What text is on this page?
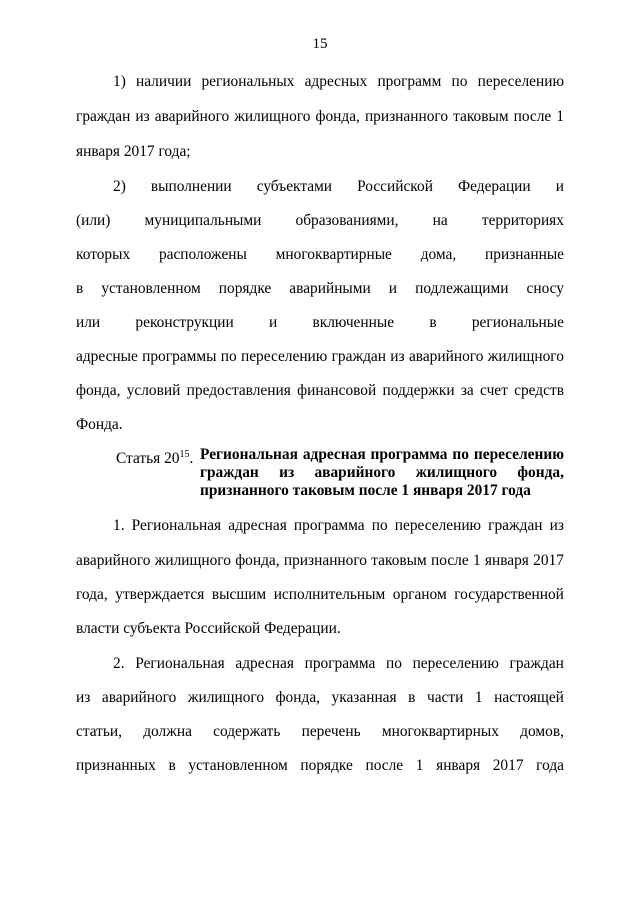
15
1) наличии региональных адресных программ по переселению
граждан из аварийного жилищного фонда, признанного таковым после 1
января 2017 года;
2) выполнении субъектами Российской Федерации и
(или) муниципальными образованиями, на территориях
которых расположены многоквартирные дома, признанные
в установленном порядке аварийными и подлежащими сносу
или реконструкции и включенные в региональные
адресные программы по переселению граждан из аварийного жилищного
фонда, условий предоставления финансовой поддержки за счет средств
Фонда.
Статья $20^{15}$. Региональная адресная программа по переселению
граждан из аварийного жилищного фонда,
признанного таковым после 1 января 2017 года
1. Региональная адресная программа по переселению граждан из
аварийного жилищного фонда, признанного таковым после 1 января 2017
года, утверждается высшим исполнительным органом государственной
власти субъекта Российской Федерации.
2. Региональная адресная программа по переселению граждан
из аварийного жилищного фонда, указанная в части 1 настоящей
статьи, должна содержать перечень многоквартирных домов,
признанных в установленном порядке после 1 января 2017 года
